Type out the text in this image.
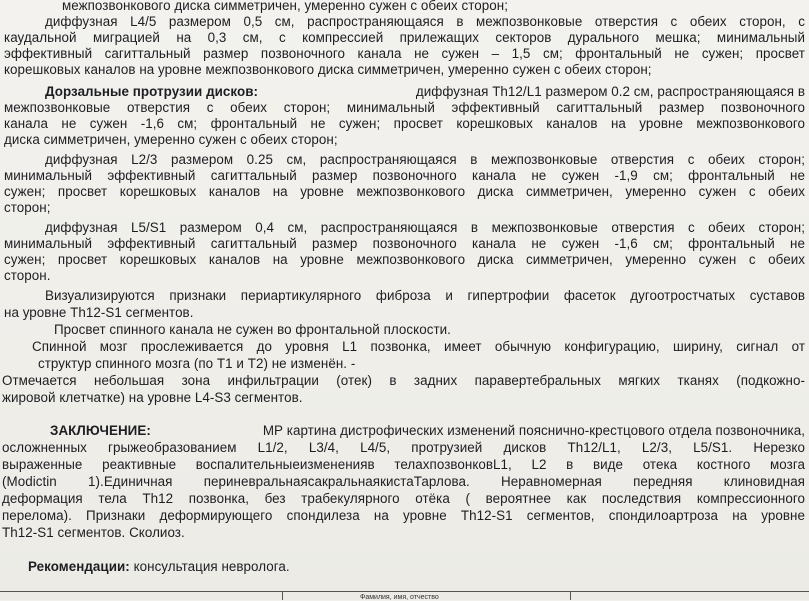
межпозвонкового диска симметричен, умеренно сужен с обеих сторон;
диффузная L4/5 размером 0,5 см, распространяющаяся в межпозвонковые отверстия с обеих сторон, с
каудальной миграцией на 0,3 см, с компрессией прилежащих секторов дурального мешка; минимальный
эффективный сагиттальный размер позвоночного канала не сужен – 1,5 см; фронтальный не сужен; просвет
корешковых каналов на уровне межпозвонкового диска симметричен, умеренно сужен с обеих сторон;
Дорзальные протрузии дисков:	диффузная Th12/L1 размером 0.2 см, распространяющаяся в
межпозвонковые отверстия с обеих сторон; минимальный эффективный сагиттальный размер позвоночного
канала не сужен -1,6 см; фронтальный не сужен; просвет корешковых каналов на уровне межпозвонкового
диска симметричен, умеренно сужен с обеих сторон;
диффузная L2/3 размером 0.25 см, распространяющаяся в межпозвонковые отверстия с обеих сторон;
минимальный эффективный сагиттальный размер позвоночного канала не сужен -1,9 см; фронтальный не
сужен; просвет корешковых каналов на уровне межпозвонкового диска симметричен, умеренно сужен с обеих
сторон;
диффузная L5/S1 размером 0,4 см, распространяющаяся в межпозвонковые отверстия с обеих сторон;
минимальный эффективный сагиттальный размер позвоночного канала не сужен -1,6 см; фронтальный не
сужен; просвет корешковых каналов на уровне межпозвонкового диска симметричен, умеренно сужен с обеих
сторон.
Визуализируются признаки периартикулярного фиброза и гипертрофии фасеток дугоотростчатых суставов
на уровне Th12-S1 сегментов.
Просвет спинного канала не сужен во фронтальной плоскости.
Спинной мозг прослеживается до уровня L1 позвонка, имеет обычную конфигурацию, ширину, сигнал от
структур спинного мозга (по T1 и T2) не изменён. -
Отмечается небольшая зона инфильтрации (отек) в задних паравертебральных мягких тканях (подкожно-
жировой клетчатке) на уровне L4-S3 сегментов.
ЗАКЛЮЧЕНИЕ:	МР картина дистрофических изменений пояснично-крестцового отдела позвоночника,
осложненных грыжеобразованием L1/2, L3/4, L4/5, протрузией дисков Th12/L1, L2/3, L5/S1. Нерезко
выраженные реактивные воспалительныеизмененияв телахпозвонковL1, L2 в виде отека костного мозга
(Modictin 1).Единичная периневральнаясакральнаякистаТарлова. Неравномерная передняя клиновидная
деформация тела Th12 позвонка, без трабекулярного отёка ( вероятнее как последствия компрессионного
перелома). Признаки деформирующего спондилеза на уровне Th12-S1 сегментов, спондилоартроза на уровне
Th12-S1 сегментов. Сколиоз.
Рекомендации: консультация невролога.
Фамилия, имя, отчество
